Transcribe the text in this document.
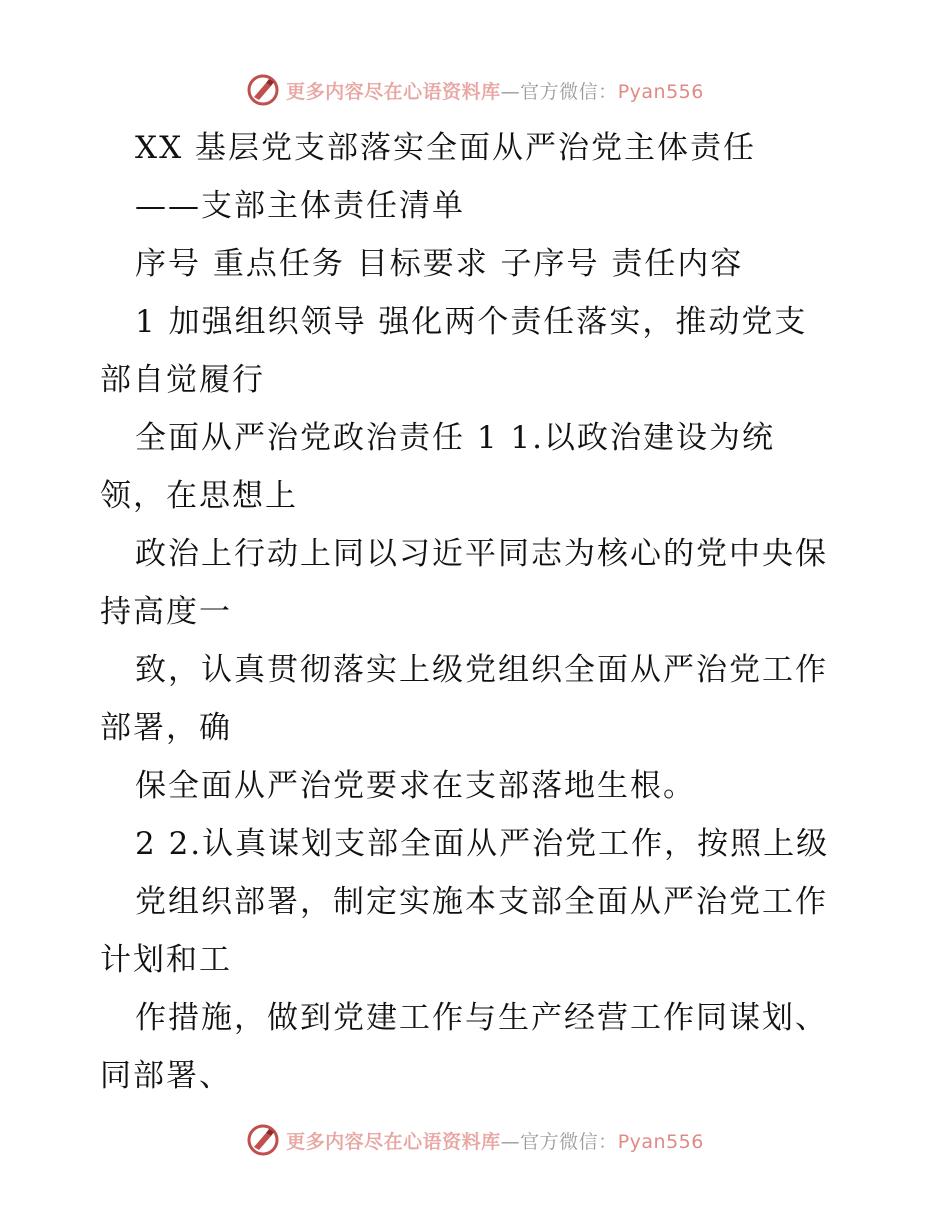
更多内容尽在心语资料库—官方微信：Pyan556
XX 基层党支部落实全面从严治党主体责任
——支部主体责任清单
序号 重点任务 目标要求 子序号 责任内容
1 加强组织领导 强化两个责任落实，推动党支
部自觉履行
全面从严治党政治责任 1 1.以政治建设为统
领，在思想上
政治上行动上同以习近平同志为核心的党中央保
持高度一
致，认真贯彻落实上级党组织全面从严治党工作
部署，确
保全面从严治党要求在支部落地生根。
2 2.认真谋划支部全面从严治党工作，按照上级
党组织部署，制定实施本支部全面从严治党工作
计划和工
作措施，做到党建工作与生产经营工作同谋划、
同部署、
更多内容尽在心语资料库—官方微信：Pyan556
